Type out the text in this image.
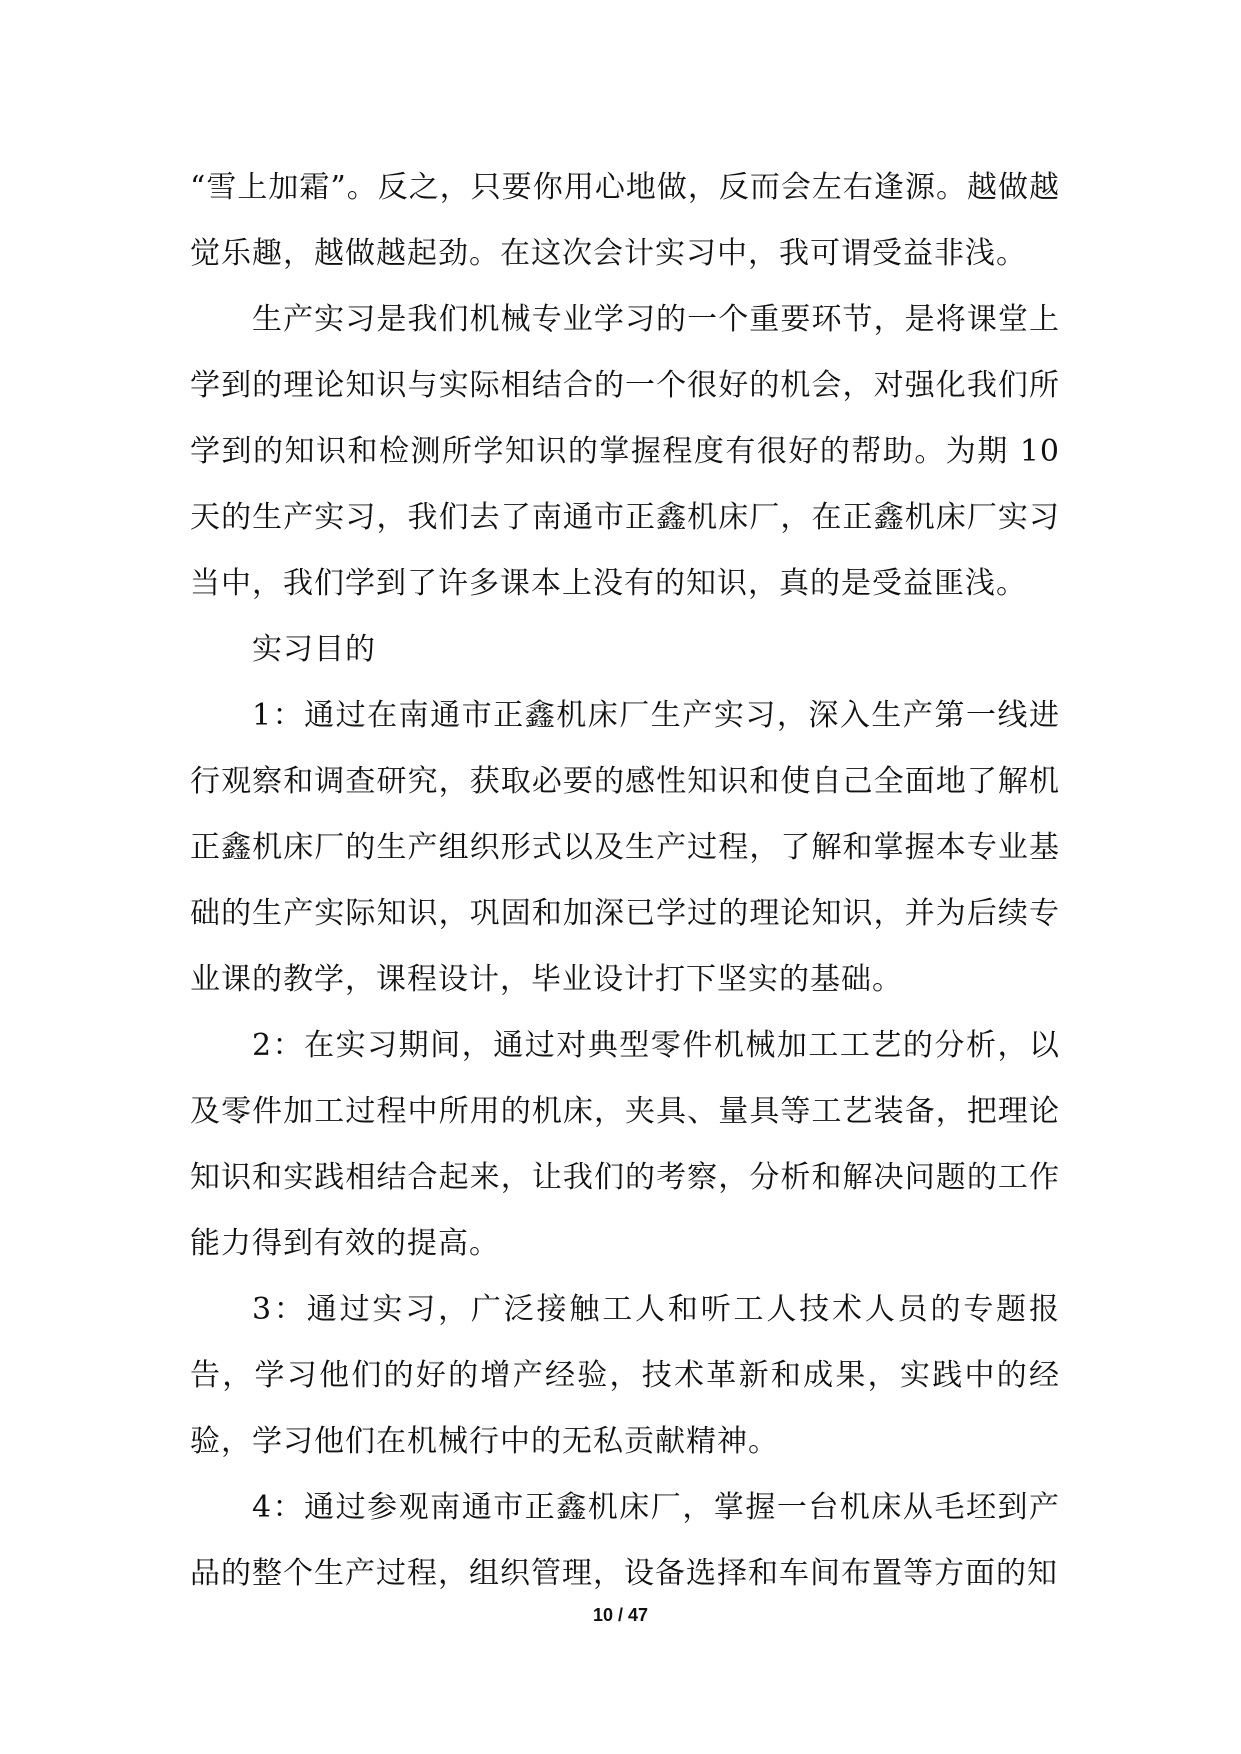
“雪上加霜”。反之，只要你用心地做，反而会左右逢源。越做越觉乐趣，越做越起劲。在这次会计实习中，我可谓受益非浅。

生产实习是我们机械专业学习的一个重要环节，是将课堂上学到的理论知识与实际相结合的一个很好的机会，对强化我们所学到的知识和检测所学知识的掌握程度有很好的帮助。为期 10 天的生产实习，我们去了南通市正鑫机床厂，在正鑫机床厂实习当中，我们学到了许多课本上没有的知识，真的是受益匪浅。

实习目的

1：通过在南通市正鑫机床厂生产实习，深入生产第一线进行观察和调查研究，获取必要的感性知识和使自己全面地了解机正鑫机床厂的生产组织形式以及生产过程，了解和掌握本专业基础的生产实际知识，巩固和加深已学过的理论知识，并为后续专业课的教学，课程设计，毕业设计打下坚实的基础。

2：在实习期间，通过对典型零件机械加工工艺的分析，以及零件加工过程中所用的机床，夹具、量具等工艺装备，把理论知识和实践相结合起来，让我们的考察，分析和解决问题的工作能力得到有效的提高。

3：通过实习，广泛接触工人和听工人技术人员的专题报告，学习他们的好的增产经验，技术革新和成果，实践中的经验，学习他们在机械行中的无私贡献精神。

4：通过参观南通市正鑫机床厂，掌握一台机床从毛坯到产品的整个生产过程，组织管理，设备选择和车间布置等方面的知

10 / 47
